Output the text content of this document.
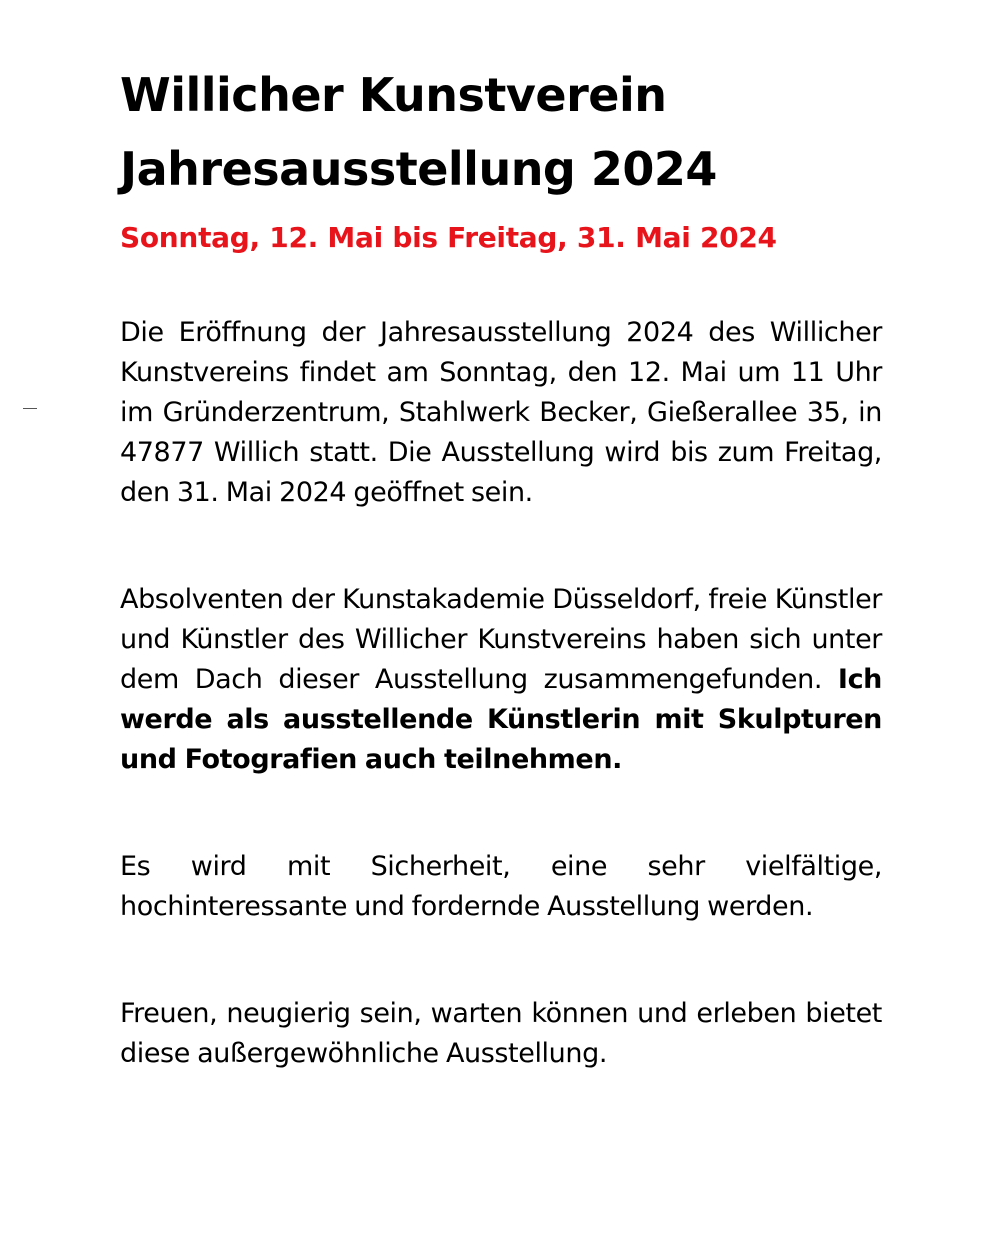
Willicher Kunstverein
Jahresausstellung 2024

Sonntag, 12. Mai bis Freitag, 31. Mai 2024

Die Eröffnung der Jahresausstellung 2024 des Willicher Kunstvereins findet am Sonntag, den 12. Mai um 11 Uhr im Gründerzentrum, Stahlwerk Becker, Gießerallee 35, in 47877 Willich statt. Die Ausstellung wird bis zum Freitag, den 31. Mai 2024 geöffnet sein.

Absolventen der Kunstakademie Düsseldorf, freie Künstler und Künstler des Willicher Kunstvereins haben sich unter dem Dach dieser Ausstellung zusammengefunden. Ich werde als ausstellende Künstlerin mit Skulpturen und Fotografien auch teilnehmen.

Es wird mit Sicherheit, eine sehr vielfältige, hochinteressante und fordernde Ausstellung werden.

Freuen, neugierig sein, warten können und erleben bietet diese außergewöhnliche Ausstellung.
